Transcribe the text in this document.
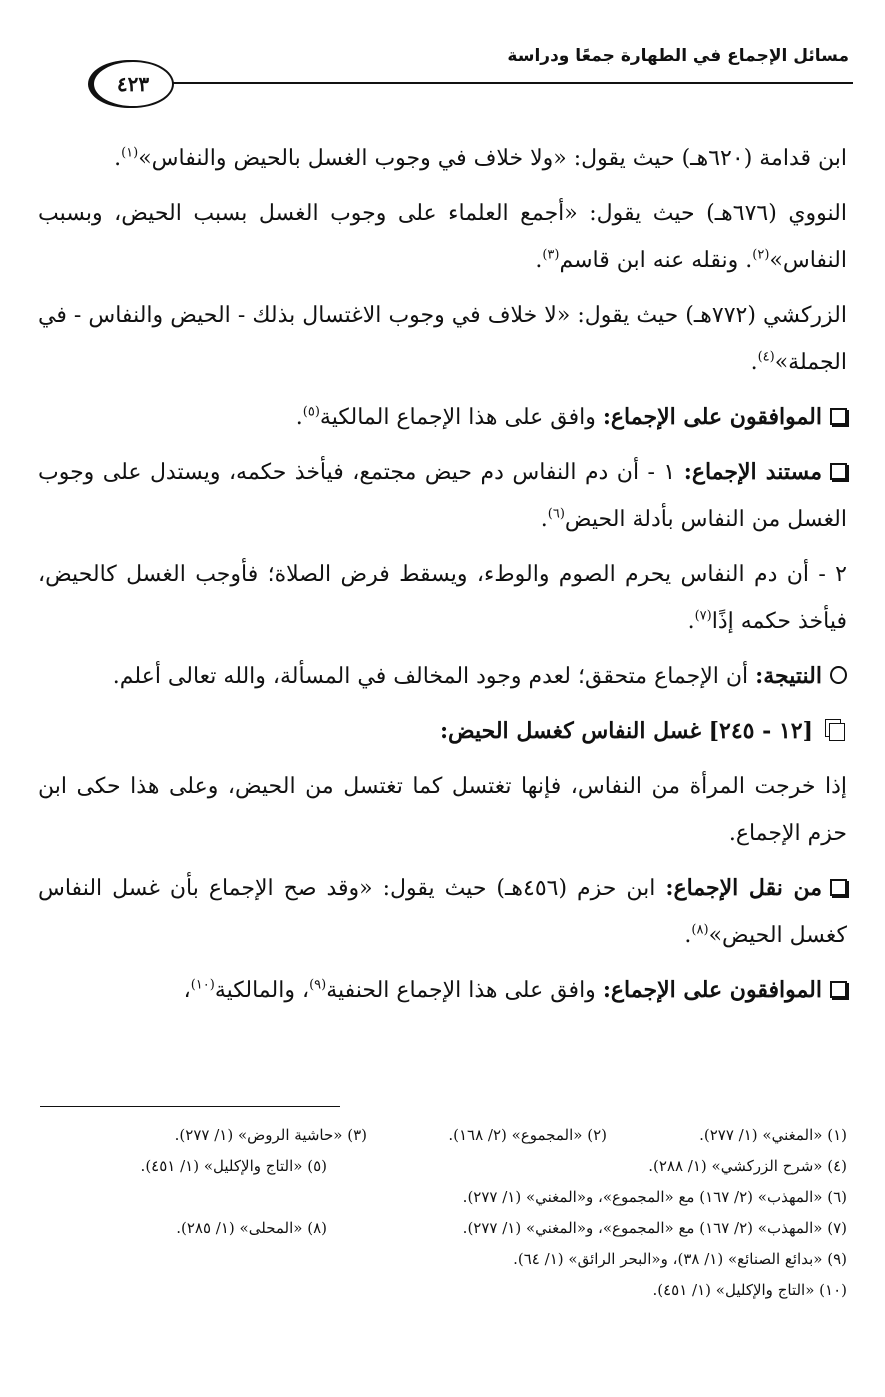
مسائل الإجماع في الطهارة جمعًا ودراسة
٤٢٣

ابن قدامة (٦٢٠هـ) حيث يقول: «ولا خلاف في وجوب الغسل بالحيض والنفاس»$^{(١)}$.

النووي (٦٧٦هـ) حيث يقول: «أجمع العلماء على وجوب الغسل بسبب الحيض، وبسبب النفاس»$^{(٢)}$. ونقله عنه ابن قاسم$^{(٣)}$.

الزركشي (٧٧٢هـ) حيث يقول: «لا خلاف في وجوب الاغتسال بذلك - الحيض والنفاس - في الجملة»$^{(٤)}$.

الموافقون على الإجماع: وافق على هذا الإجماع المالكية$^{(٥)}$.

مستند الإجماع: ١ - أن دم النفاس دم حيض مجتمع، فيأخذ حكمه، ويستدل على وجوب الغسل من النفاس بأدلة الحيض$^{(٦)}$.

٢ - أن دم النفاس يحرم الصوم والوطء، ويسقط فرض الصلاة؛ فأوجب الغسل كالحيض، فيأخذ حكمه إذًا$^{(٧)}$.

النتيجة: أن الإجماع متحقق؛ لعدم وجود المخالف في المسألة، والله تعالى أعلم.

[١٢ - ٢٤٥] غسل النفاس كغسل الحيض:

إذا خرجت المرأة من النفاس، فإنها تغتسل كما تغتسل من الحيض، وعلى هذا حكى ابن حزم الإجماع.

من نقل الإجماع: ابن حزم (٤٥٦هـ) حيث يقول: «وقد صح الإجماع بأن غسل النفاس كغسل الحيض»$^{(٨)}$.

الموافقون على الإجماع: وافق على هذا الإجماع الحنفية$^{(٩)}$، والمالكية$^{(١٠)}$،

(١) «المغني» (١/ ٢٧٧).
(٢) «المجموع» (٢/ ١٦٨).
(٣) «حاشية الروض» (١/ ٢٧٧).
(٤) «شرح الزركشي» (١/ ٢٨٨).
(٥) «التاج والإكليل» (١/ ٤٥١).
(٦) «المهذب» (٢/ ١٦٧) مع «المجموع»، و«المغني» (١/ ٢٧٧).
(٧) «المهذب» (٢/ ١٦٧) مع «المجموع»، و«المغني» (١/ ٢٧٧).
(٨) «المحلى» (١/ ٢٨٥).
(٩) «بدائع الصنائع» (١/ ٣٨)، و«البحر الرائق» (١/ ٦٤).
(١٠) «التاج والإكليل» (١/ ٤٥١).
